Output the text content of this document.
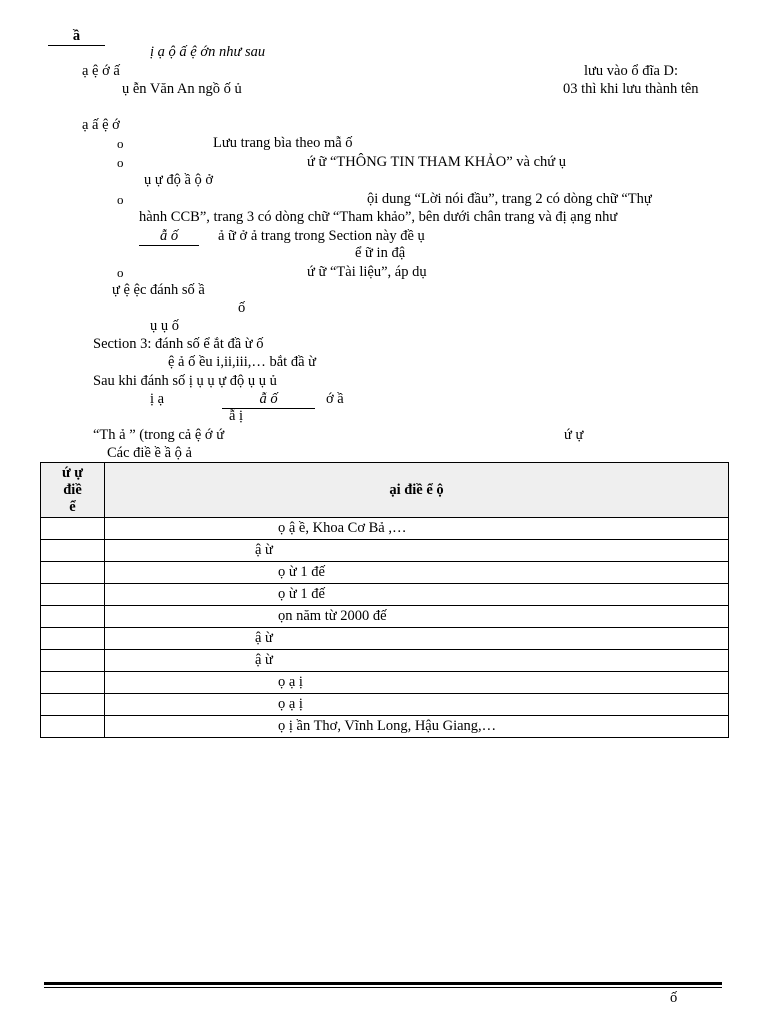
ầ
ị ạ ộ ấ ệ ớn như sau
ạ ệ ớ ấ	lưu vào ổ đĩa D:
ụ ễn Văn An ngồ ố ủ	03 thì khi lưu thành tên
ạ ấ ệ ớ
o	Lưu trang bìa theo mẫ ố
o	ứ ữ “THÔNG TIN THAM KHẢO” và chứ ụ
ụ ự độ ầ ộ ở
o	ội dung “Lời nói đầu”, trang 2 có dòng chữ “Thự
hành CCB”, trang 3 có dòng chữ “Tham khảo”, bên dưới chân trang và đị ạng như
ẫ ố	ả ữ ở ả trang trong Section này đề ụ
ể ữ in đậ
o	ứ ữ “Tài liệu”, áp dụ
ự ệ ệc đánh số ầ
ố
ụ ụ ố
Section 3: đánh số ể ắt đầ ừ ố
ệ ả ố ều i,ii,iii,… bắt đầ ừ
Sau khi đánh số ị ụ ụ ự độ ụ ụ ủ
ị ạ	ẫ ố	ớ ầ
ẫ ị
“Th ả ” (trong cả ệ ớ ứ	ứ ự
Các điề ề ầ ộ ả
ứ ự
điề
ể	ại điề ể ộ
	ọ ậ ề, Khoa Cơ Bả ,…
	ậ ừ
	ọ ừ 1 đế
	ọ ừ 1 đế
	ọn năm từ 2000 đế
	ậ ừ
	ậ ừ
	ọ ạ ị
	ọ ạ ị
	ọ ị ần Thơ, Vĩnh Long, Hậu Giang,…
ố
